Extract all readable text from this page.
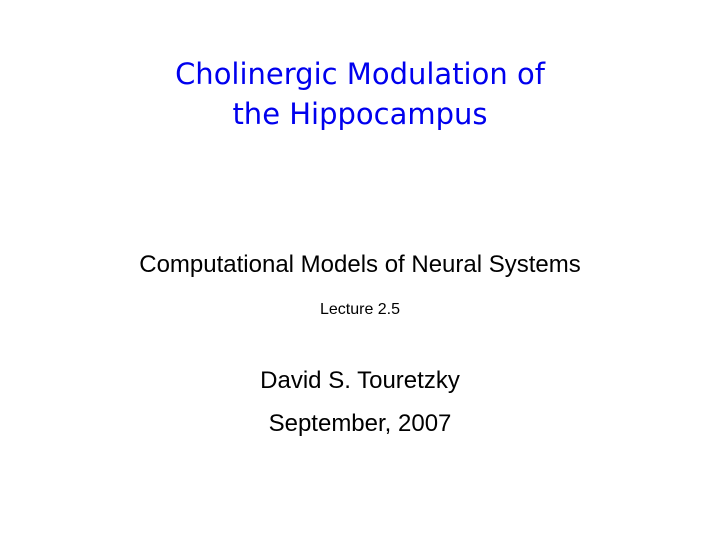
Cholinergic Modulation of
the Hippocampus
Computational Models of Neural Systems
Lecture 2.5
David S. Touretzky
September, 2007
